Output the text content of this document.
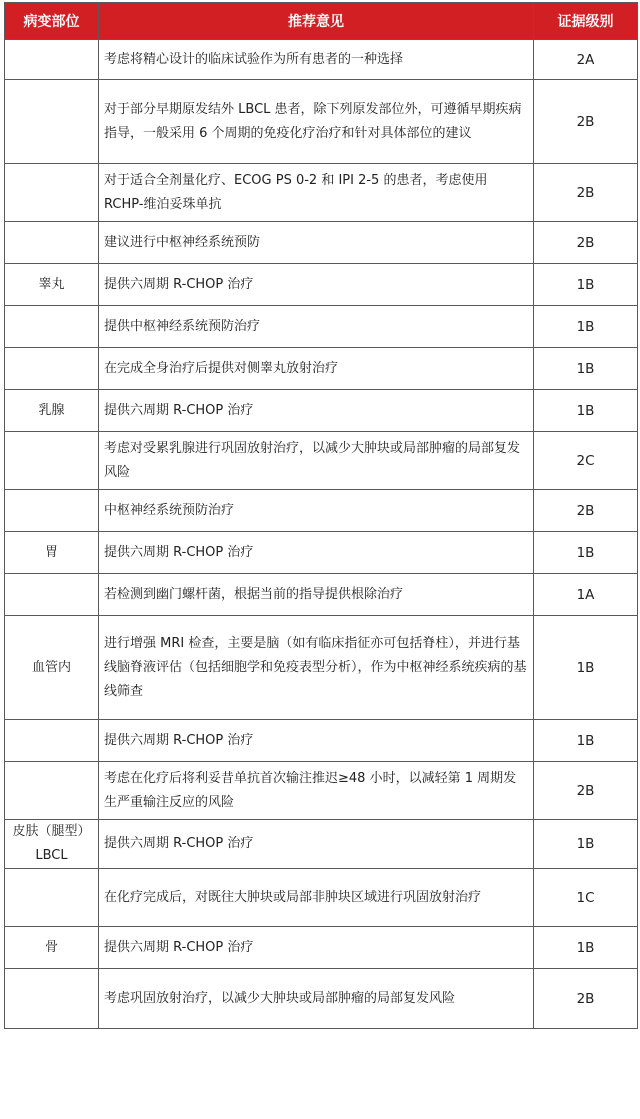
病变部位	推荐意见	证据级别
	考虑将精心设计的临床试验作为所有患者的一种选择	2A
	对于部分早期原发结外 LBCL 患者，除下列原发部位外，可遵循早期疾病指导，一般采用 6 个周期的免疫化疗治疗和针对具体部位的建议	2B
	对于适合全剂量化疗、ECOG PS 0-2 和 IPI 2-5 的患者，考虑使用 RCHP-维泊妥珠单抗	2B
	建议进行中枢神经系统预防	2B
睾丸	提供六周期 R-CHOP 治疗	1B
	提供中枢神经系统预防治疗	1B
	在完成全身治疗后提供对侧睾丸放射治疗	1B
乳腺	提供六周期 R-CHOP 治疗	1B
	考虑对受累乳腺进行巩固放射治疗，以减少大肿块或局部肿瘤的局部复发风险	2C
	中枢神经系统预防治疗	2B
胃	提供六周期 R-CHOP 治疗	1B
	若检测到幽门螺杆菌，根据当前的指导提供根除治疗	1A
血管内	进行增强 MRI 检查，主要是脑（如有临床指征亦可包括脊柱），并进行基线脑脊液评估（包括细胞学和免疫表型分析），作为中枢神经系统疾病的基线筛查	1B
	提供六周期 R-CHOP 治疗	1B
	考虑在化疗后将利妥昔单抗首次输注推迟≥48 小时，以减轻第 1 周期发生严重输注反应的风险	2B
皮肤（腿型）LBCL	提供六周期 R-CHOP 治疗	1B
	在化疗完成后，对既往大肿块或局部非肿块区域进行巩固放射治疗	1C
骨	提供六周期 R-CHOP 治疗	1B
	考虑巩固放射治疗，以减少大肿块或局部肿瘤的局部复发风险	2B
